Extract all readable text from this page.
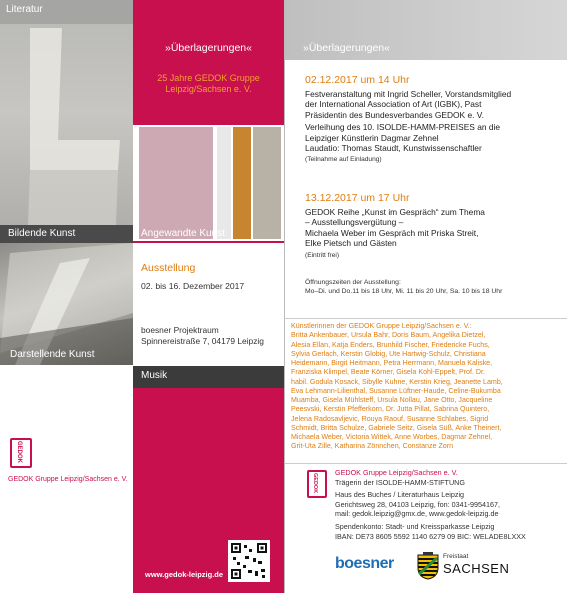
Literatur
»Überlagerungen«
25 Jahre GEDOK Gruppe
Leipzig/Sachsen e. V.
Bildende Kunst	Angewandte Kunst
Darstellende Kunst
Ausstellung
02. bis 16. Dezember 2017
boesner Projektraum
Spinnereistraße 7, 04179 Leipzig
Musik
GEDOK
GEDOK Gruppe Leipzig/Sachsen e. V.
www.gedok-leipzig.de
»Überlagerungen«
02.12.2017 um 14 Uhr
Festveranstaltung mit Ingrid Scheller, Vorstandsmitglied
der International Association of Art (IGBK), Past
Präsidentin des Bundesverbandes GEDOK e. V.
Verleihung des 10. ISOLDE-HAMM-PREISES an die
Leipziger Künstlerin Dagmar Zehnel
Laudatio: Thomas Staudt, Kunstwissenschaftler
(Teilnahme auf Einladung)
13.12.2017 um 17 Uhr
GEDOK Reihe „Kunst im Gespräch“ zum Thema
– Ausstellungsvergütung –
Michaela Weber im Gespräch mit Priska Streit,
Elke Pietsch und Gästen
(Eintritt frei)
Öffnungszeiten der Ausstellung:
Mo–Di. und Do.11 bis 18 Uhr, Mi. 11 bis 20 Uhr, Sa. 10 bis 18 Uhr
Künstlerinnen der GEDOK Gruppe Leipzig/Sachsen e. V.:
Britta Ankenbauer, Ursula Bahr, Doris Baum, Angelika Dietzel,
Alesia Ellan, Katja Enders, Brunhild Fischer, Friedericke Fuchs,
Sylvia Gerlach, Kerstin Globig, Ute Hartwig-Schulz, Christiana
Heidemann, Birgit Heitmann, Petra Herrmann, Manuela Kaliske,
Franziska Klimpel, Beate Körner, Gisela Kohl-Eppelt, Prof. Dr.
habil. Godula Kosack, Sibylle Kuhne, Kerstin Krieg, Jeanette Lamb,
Eva Lehmann-Lilienthal, Susanne Lüftner-Haude, Celine-Bukumba
Muamba, Gisela Mühlsteff, Ursula Nollau, Jane Otto, Jacqueline
Peesvski, Kerstin Pfefferkorn, Dr. Jutta Pillat, Sabrina Quintero,
Jelena Radosavljevic, Rouya Raouf, Susanne Schlabes, Sigrid
Schmidt, Britta Schulze, Gabriele Seitz, Gisela Süß, Anke Theinert,
Michaela Weber, Victoria Wittek, Anne Worbes, Dagmar Zehnel,
Grit-Uta Zille, Katharina Zönnchen, Constanze Zorn
GEDOK
GEDOK Gruppe Leipzig/Sachsen e. V.
Trägerin der ISOLDE-HAMM-STIFTUNG
Haus des Buches / Literaturhaus Leipzig
Gerichtsweg 28, 04103 Leipzig, fon: 0341-9954167,
mail: gedok.leipzig@gmx.de, www.gedok-leipzig.de
Spendenkonto: Stadt- und Kreissparkasse Leipzig
IBAN: DE73 8605 5592 1140 6279 09 BIC: WELADE8LXXX
boesner	Freistaat
SACHSEN
